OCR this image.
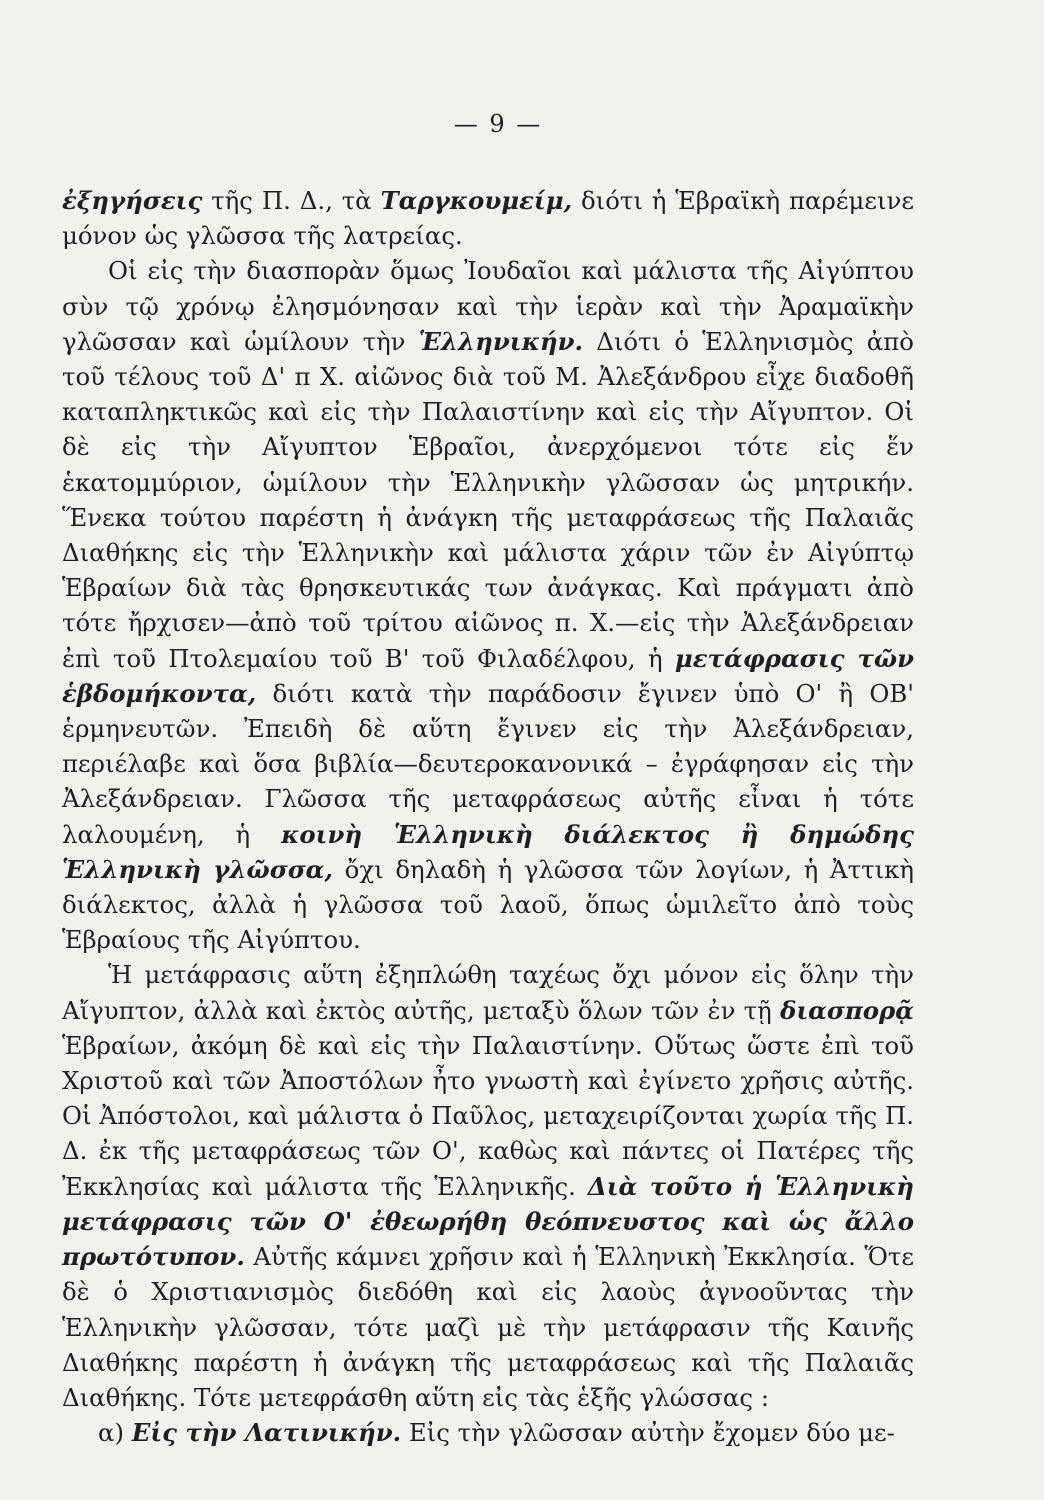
— 9 —

ἐξηγήσεις τῆς Π. Δ., τὰ Ταργκουμείμ, διότι ἡ Ἑβραϊκὴ παρέμεινε μόνον ὡς γλῶσσα τῆς λατρείας.

Οἱ εἰς τὴν διασπορὰν ὅμως Ἰουδαῖοι καὶ μάλιστα τῆς Αἰγύπτου σὺν τῷ χρόνῳ ἐλησμόνησαν καὶ τὴν ἱερὰν καὶ τὴν Ἀραμαϊκὴν γλῶσσαν καὶ ὡμίλουν τὴν Ἑλληνικήν. Διότι ὁ Ἑλληνισμὸς ἀπὸ τοῦ τέλους τοῦ Δ' π Χ. αἰῶνος διὰ τοῦ Μ. Ἀλεξάνδρου εἶχε διαδοθῆ καταπληκτικῶς καὶ εἰς τὴν Παλαιστίνην καὶ εἰς τὴν Αἴγυπτον. Οἱ δὲ εἰς τὴν Αἴγυπτον Ἑβραῖοι, ἀνερχόμενοι τότε εἰς ἕν ἑκατομμύριον, ὡμίλουν τὴν Ἑλληνικὴν γλῶσσαν ὡς μητρικήν. Ἕνεκα τούτου παρέστη ἡ ἀνάγκη τῆς μεταφράσεως τῆς Παλαιᾶς Διαθήκης εἰς τὴν Ἑλληνικὴν καὶ μάλιστα χάριν τῶν ἐν Αἰγύπτῳ Ἑβραίων διὰ τὰς θρησκευτικάς των ἀνάγκας. Καὶ πράγματι ἀπὸ τότε ἤρχισεν—ἀπὸ τοῦ τρίτου αἰῶνος π. Χ.—εἰς τὴν Ἀλεξάνδρειαν ἐπὶ τοῦ Πτολεμαίου τοῦ Β' τοῦ Φιλαδέλφου, ἡ μετάφρασις τῶν ἑβδομήκοντα, διότι κατὰ τὴν παράδοσιν ἔγινεν ὑπὸ Ο' ἢ ΟΒ' ἑρμηνευτῶν. Ἐπειδὴ δὲ αὕτη ἔγινεν εἰς τὴν Ἀλεξάνδρειαν, περιέλαβε καὶ ὅσα βιβλία—δευτεροκανονικά – ἐγράφησαν εἰς τὴν Ἀλεξάνδρειαν. Γλῶσσα τῆς μεταφράσεως αὐτῆς εἶναι ἡ τότε λαλουμένη, ἡ κοινὴ Ἑλληνικὴ διάλεκτος ἢ δημώδης Ἑλληνικὴ γλῶσσα, ὄχι δηλαδὴ ἡ γλῶσσα τῶν λογίων, ἡ Ἀττικὴ διάλεκτος, ἀλλὰ ἡ γλῶσσα τοῦ λαοῦ, ὅπως ὡμιλεῖτο ἀπὸ τοὺς Ἑβραίους τῆς Αἰγύπτου.

Ἡ μετάφρασις αὕτη ἐξηπλώθη ταχέως ὄχι μόνον εἰς ὅλην τὴν Αἴγυπτον, ἀλλὰ καὶ ἐκτὸς αὐτῆς, μεταξὺ ὅλων τῶν ἐν τῇ διασπορᾷ Ἑβραίων, ἀκόμη δὲ καὶ εἰς τὴν Παλαιστίνην. Οὕτως ὥστε ἐπὶ τοῦ Χριστοῦ καὶ τῶν Ἀποστόλων ἦτο γνωστὴ καὶ ἐγίνετο χρῆσις αὐτῆς. Οἱ Ἀπόστολοι, καὶ μάλιστα ὁ Παῦλος, μεταχειρίζονται χωρία τῆς Π. Δ. ἐκ τῆς μεταφράσεως τῶν Ο', καθὼς καὶ πάντες οἱ Πατέρες τῆς Ἐκκλησίας καὶ μάλιστα τῆς Ἑλληνικῆς. Διὰ τοῦτο ἡ Ἑλληνικὴ μετάφρασις τῶν Ο' ἐθεωρήθη θεόπνευστος καὶ ὡς ἄλλο πρωτότυπον. Αὐτῆς κάμνει χρῆσιν καὶ ἡ Ἑλληνικὴ Ἐκκλησία. Ὅτε δὲ ὁ Χριστιανισμὸς διεδόθη καὶ εἰς λαοὺς ἀγνοοῦντας τὴν Ἑλληνικὴν γλῶσσαν, τότε μαζὶ μὲ τὴν μετάφρασιν τῆς Καινῆς Διαθήκης παρέστη ἡ ἀνάγκη τῆς μεταφράσεως καὶ τῆς Παλαιᾶς Διαθήκης. Τότε μετεφράσθη αὕτη εἰς τὰς ἑξῆς γλώσσας :

α) Εἰς τὴν Λατινικήν. Εἰς τὴν γλῶσσαν αὐτὴν ἔχομεν δύο με-
